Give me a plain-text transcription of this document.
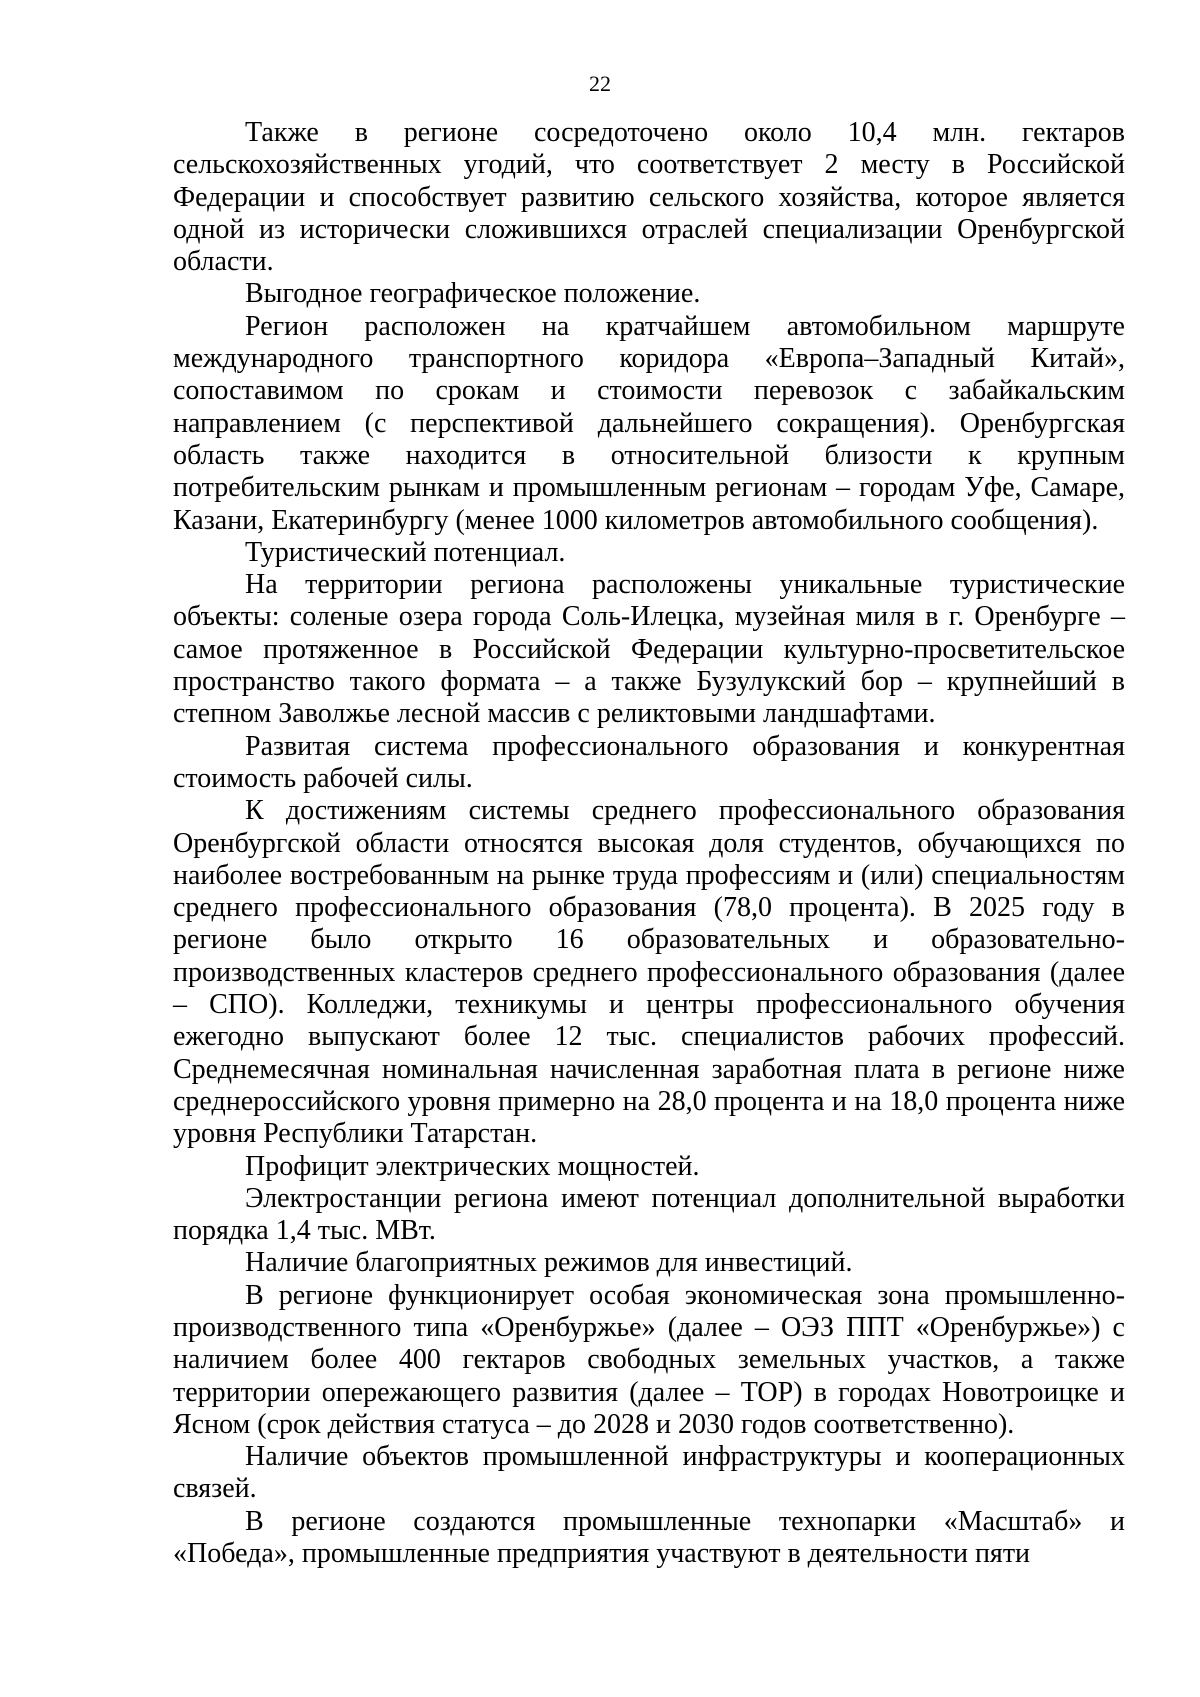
22

Также в регионе сосредоточено около 10,4 млн. гектаров сельскохозяйственных угодий, что соответствует 2 месту в Российской Федерации и способствует развитию сельского хозяйства, которое является одной из исторически сложившихся отраслей специализации Оренбургской области.

Выгодное географическое положение.

Регион расположен на кратчайшем автомобильном маршруте международного транспортного коридора «Европа–Западный Китай», сопоставимом по срокам и стоимости перевозок с забайкальским направлением (с перспективой дальнейшего сокращения). Оренбургская область также находится в относительной близости к крупным потребительским рынкам и промышленным регионам – городам Уфе, Самаре, Казани, Екатеринбургу (менее 1000 километров автомобильного сообщения).

Туристический потенциал.

На территории региона расположены уникальные туристические объекты: соленые озера города Соль-Илецка, музейная миля в г. Оренбурге – самое протяженное в Российской Федерации культурно-просветительское пространство такого формата – а также Бузулукский бор – крупнейший в степном Заволжье лесной массив с реликтовыми ландшафтами.

Развитая система профессионального образования и конкурентная стоимость рабочей силы.

К достижениям системы среднего профессионального образования Оренбургской области относятся высокая доля студентов, обучающихся по наиболее востребованным на рынке труда профессиям и (или) специальностям среднего профессионального образования (78,0 процента). В 2025 году в регионе было открыто 16 образовательных и образовательно-производственных кластеров среднего профессионального образования (далее – СПО). Колледжи, техникумы и центры профессионального обучения ежегодно выпускают более 12 тыс. специалистов рабочих профессий. Среднемесячная номинальная начисленная заработная плата в регионе ниже среднероссийского уровня примерно на 28,0 процента и на 18,0 процента ниже уровня Республики Татарстан.

Профицит электрических мощностей.

Электростанции региона имеют потенциал дополнительной выработки порядка 1,4 тыс. МВт.

Наличие благоприятных режимов для инвестиций.

В регионе функционирует особая экономическая зона промышленно-производственного типа «Оренбуржье» (далее – ОЭЗ ППТ «Оренбуржье») с наличием более 400 гектаров свободных земельных участков, а также территории опережающего развития (далее – ТОР) в городах Новотроицке и Ясном (срок действия статуса – до 2028 и 2030 годов соответственно).

Наличие объектов промышленной инфраструктуры и кооперационных связей.

В регионе создаются промышленные технопарки «Масштаб» и «Победа», промышленные предприятия участвуют в деятельности пяти
